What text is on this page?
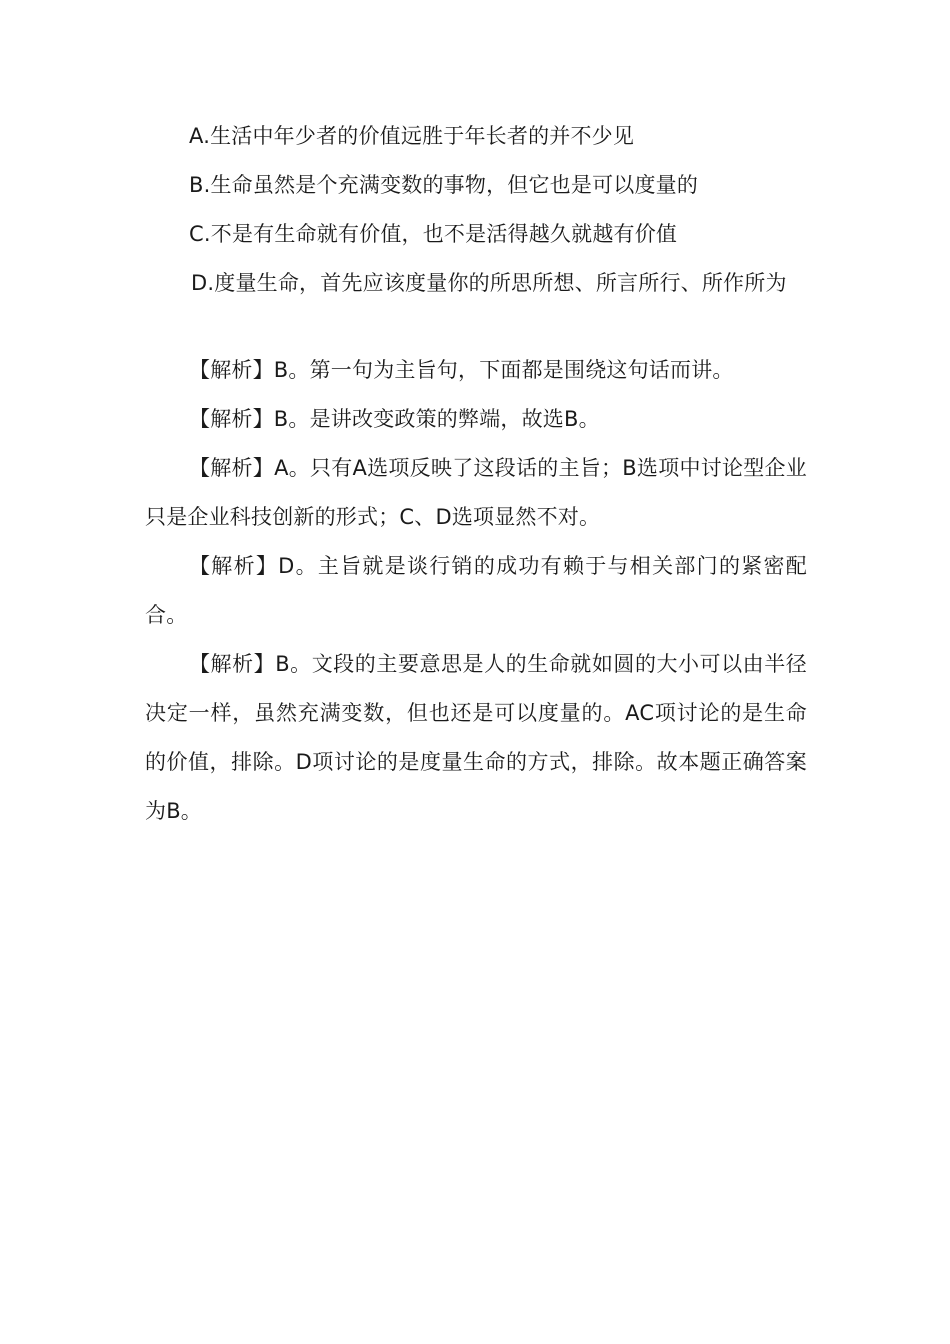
A.生活中年少者的价值远胜于年长者的并不少见

B.生命虽然是个充满变数的事物，但它也是可以度量的

C.不是有生命就有价值，也不是活得越久就越有价值

D.度量生命，首先应该度量你的所思所想、所言所行、所作所为

【解析】B。第一句为主旨句，下面都是围绕这句话而讲。

【解析】B。是讲改变政策的弊端，故选B。

【解析】A。只有A选项反映了这段话的主旨；B选项中讨论型企业只是企业科技创新的形式；C、D选项显然不对。

【解析】D。主旨就是谈行销的成功有赖于与相关部门的紧密配合。

【解析】B。文段的主要意思是人的生命就如圆的大小可以由半径决定一样，虽然充满变数，但也还是可以度量的。AC项讨论的是生命的价值，排除。D项讨论的是度量生命的方式，排除。故本题正确答案为B。
